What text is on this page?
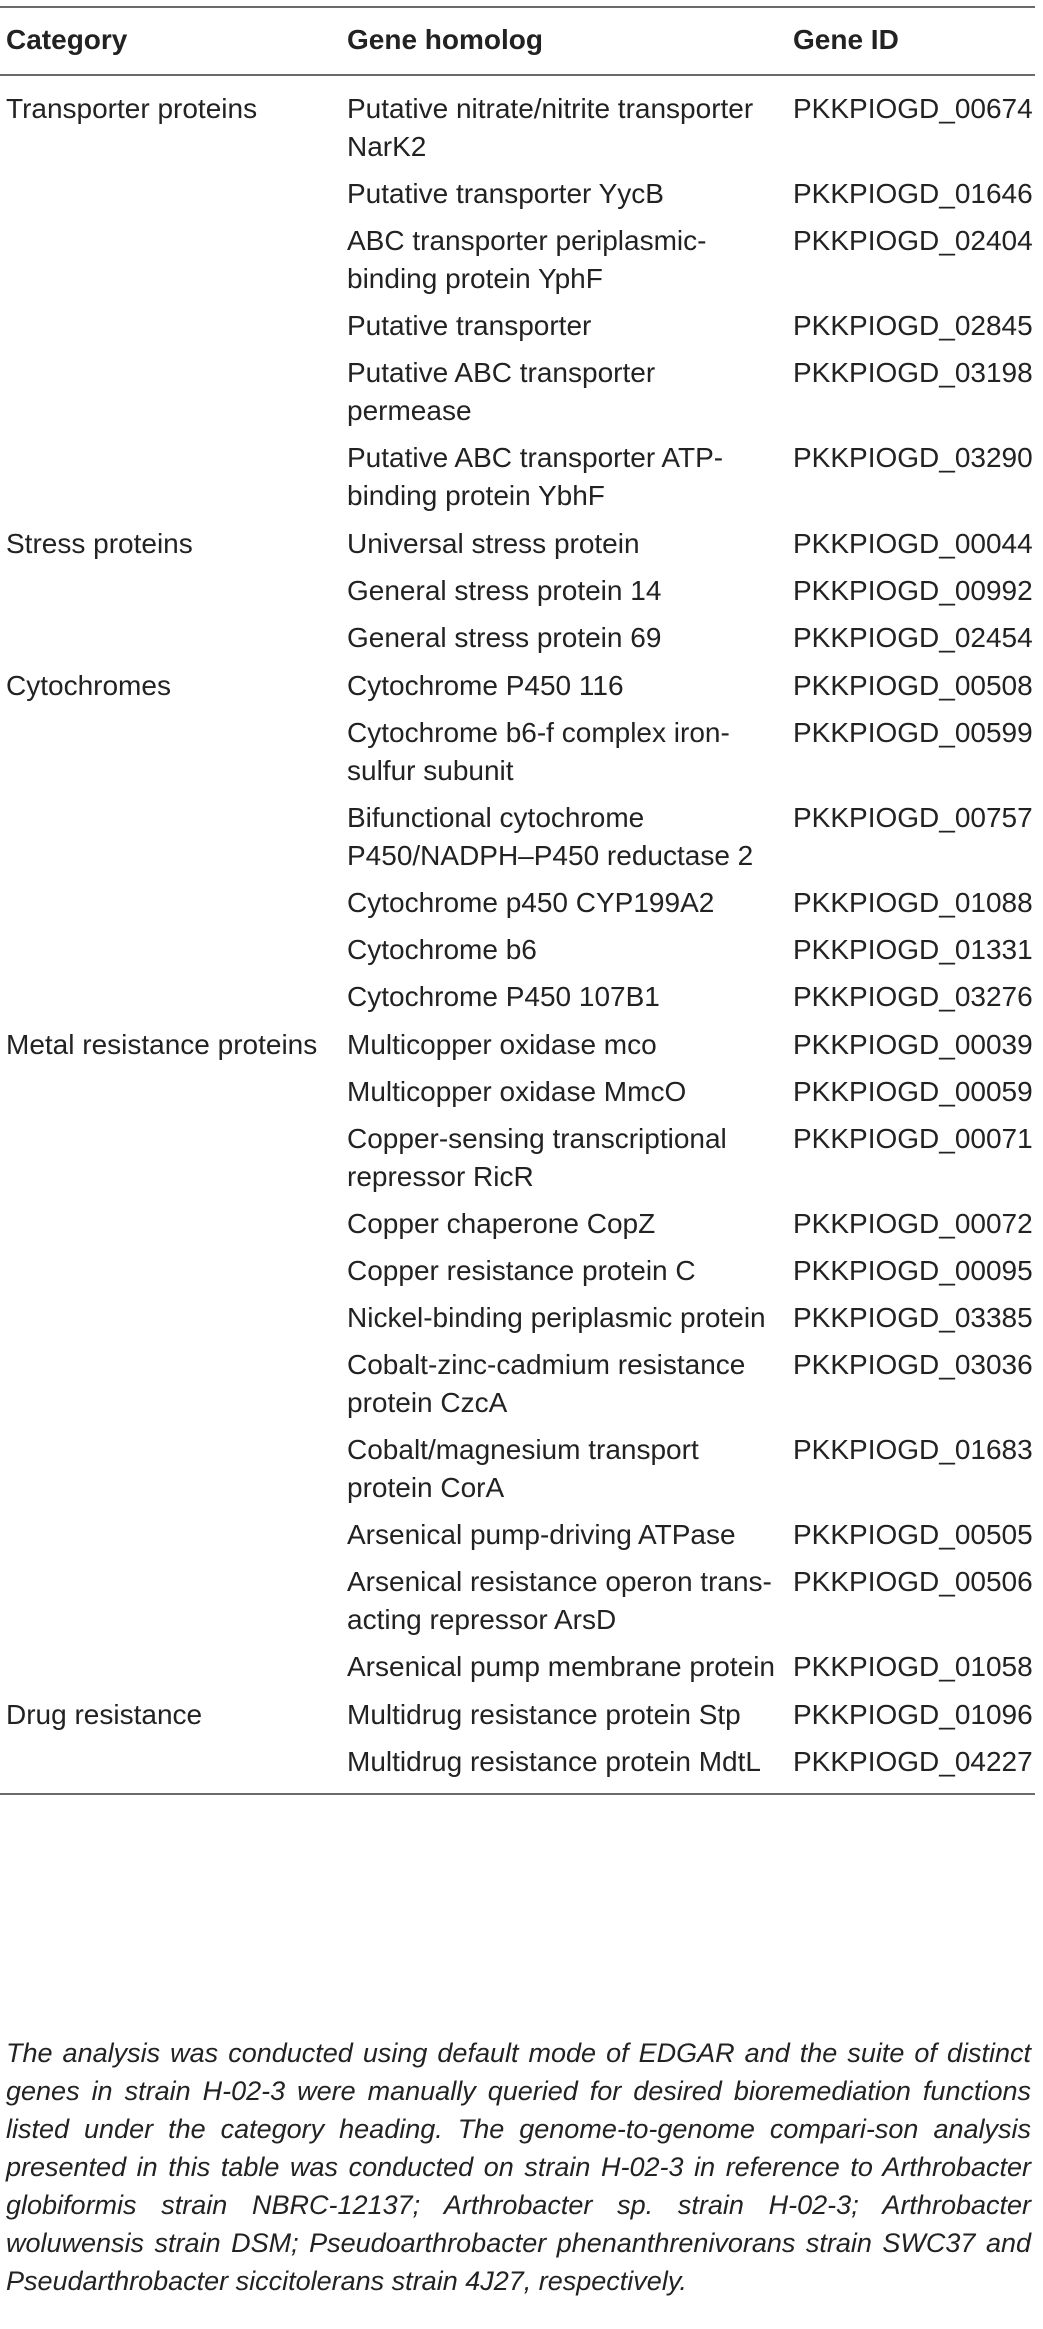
Category	Gene homolog	Gene ID
Transporter proteins	Putative nitrate/nitrite transporter NarK2	PKKPIOGD_00674
	Putative transporter YycB	PKKPIOGD_01646
	ABC transporter periplasmic-binding protein YphF	PKKPIOGD_02404
	Putative transporter	PKKPIOGD_02845
	Putative ABC transporter permease	PKKPIOGD_03198
	Putative ABC transporter ATP-binding protein YbhF	PKKPIOGD_03290
Stress proteins	Universal stress protein	PKKPIOGD_00044
	General stress protein 14	PKKPIOGD_00992
	General stress protein 69	PKKPIOGD_02454
Cytochromes	Cytochrome P450 116	PKKPIOGD_00508
	Cytochrome b6-f complex iron-sulfur subunit	PKKPIOGD_00599
	Bifunctional cytochrome P450/NADPH–P450 reductase 2	PKKPIOGD_00757
	Cytochrome p450 CYP199A2	PKKPIOGD_01088
	Cytochrome b6	PKKPIOGD_01331
	Cytochrome P450 107B1	PKKPIOGD_03276
Metal resistance proteins	Multicopper oxidase mco	PKKPIOGD_00039
	Multicopper oxidase MmcO	PKKPIOGD_00059
	Copper-sensing transcriptional repressor RicR	PKKPIOGD_00071
	Copper chaperone CopZ	PKKPIOGD_00072
	Copper resistance protein C	PKKPIOGD_00095
	Nickel-binding periplasmic protein	PKKPIOGD_03385
	Cobalt-zinc-cadmium resistance protein CzcA	PKKPIOGD_03036
	Cobalt/magnesium transport protein CorA	PKKPIOGD_01683
	Arsenical pump-driving ATPase	PKKPIOGD_00505
	Arsenical resistance operon trans-acting repressor ArsD	PKKPIOGD_00506
	Arsenical pump membrane protein	PKKPIOGD_01058
Drug resistance	Multidrug resistance protein Stp	PKKPIOGD_01096
	Multidrug resistance protein MdtL	PKKPIOGD_04227
The analysis was conducted using default mode of EDGAR and the suite of distinct genes in strain H-02-3 were manually queried for desired bioremediation functions listed under the category heading. The genome-to-genome compari-son analysis presented in this table was conducted on strain H-02-3 in reference to Arthrobacter globiformis strain NBRC-12137; Arthrobacter sp. strain H-02-3; Arthrobacter woluwensis strain DSM; Pseudoarthrobacter phenanthrenivorans strain SWC37 and Pseudarthrobacter siccitolerans strain 4J27, respectively.
